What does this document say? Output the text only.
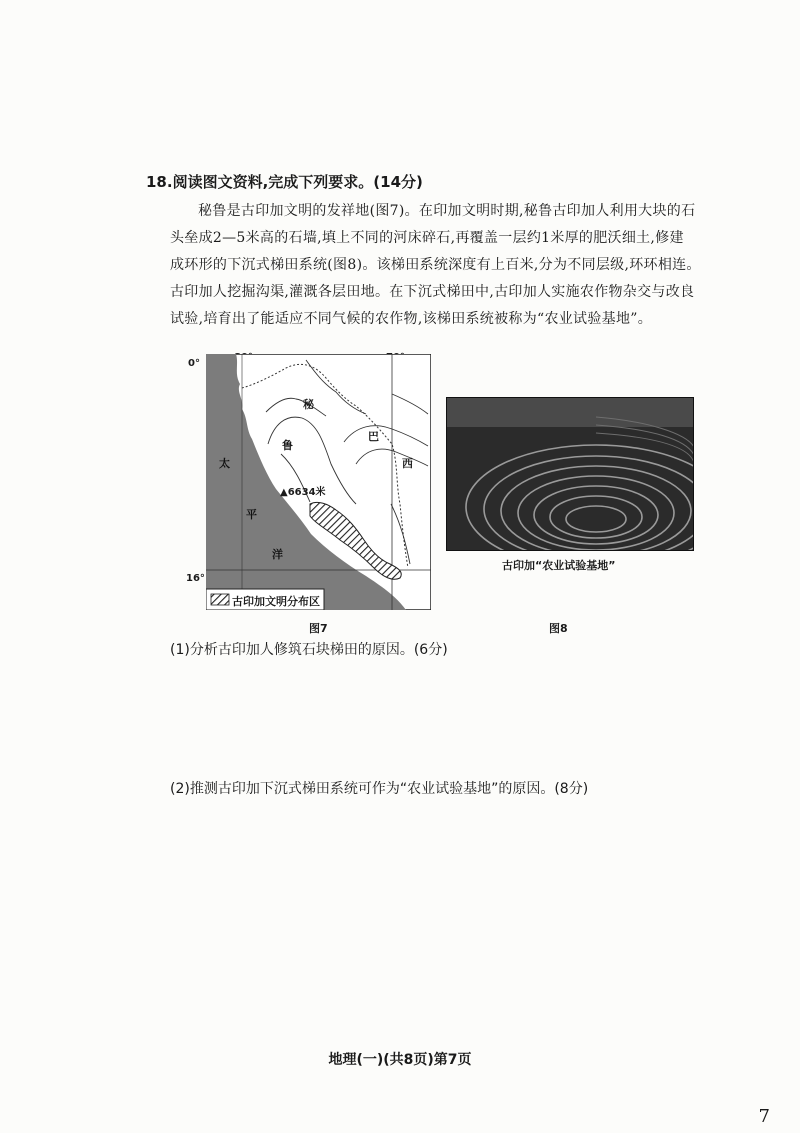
18.阅读图文资料,完成下列要求。(14分)

秘鲁是古印加文明的发祥地(图7)。在印加文明时期,秘鲁古印加人利用大块的石

头垒成2—5米高的石墙,填上不同的河床碎石,再覆盖一层约1米厚的肥沃细土,修建

成环形的下沉式梯田系统(图8)。该梯田系统深度有上百米,分为不同层级,环环相连。

古印加人挖掘沟渠,灌溉各层田地。在下沉式梯田中,古印加人实施农作物杂交与改良

试验,培育出了能适应不同气候的农作物,该梯田系统被称为“农业试验基地”。

0°
16°
秘
鲁
巴
西
太
平
洋
▲6634米
古印加文明分布区
图7
古印加“农业试验基地”
图8
(1)分析古印加人修筑石块梯田的原因。(6分)
(2)推测古印加下沉式梯田系统可作为“农业试验基地”的原因。(8分)
地理(一)(共8页)第7页
7
